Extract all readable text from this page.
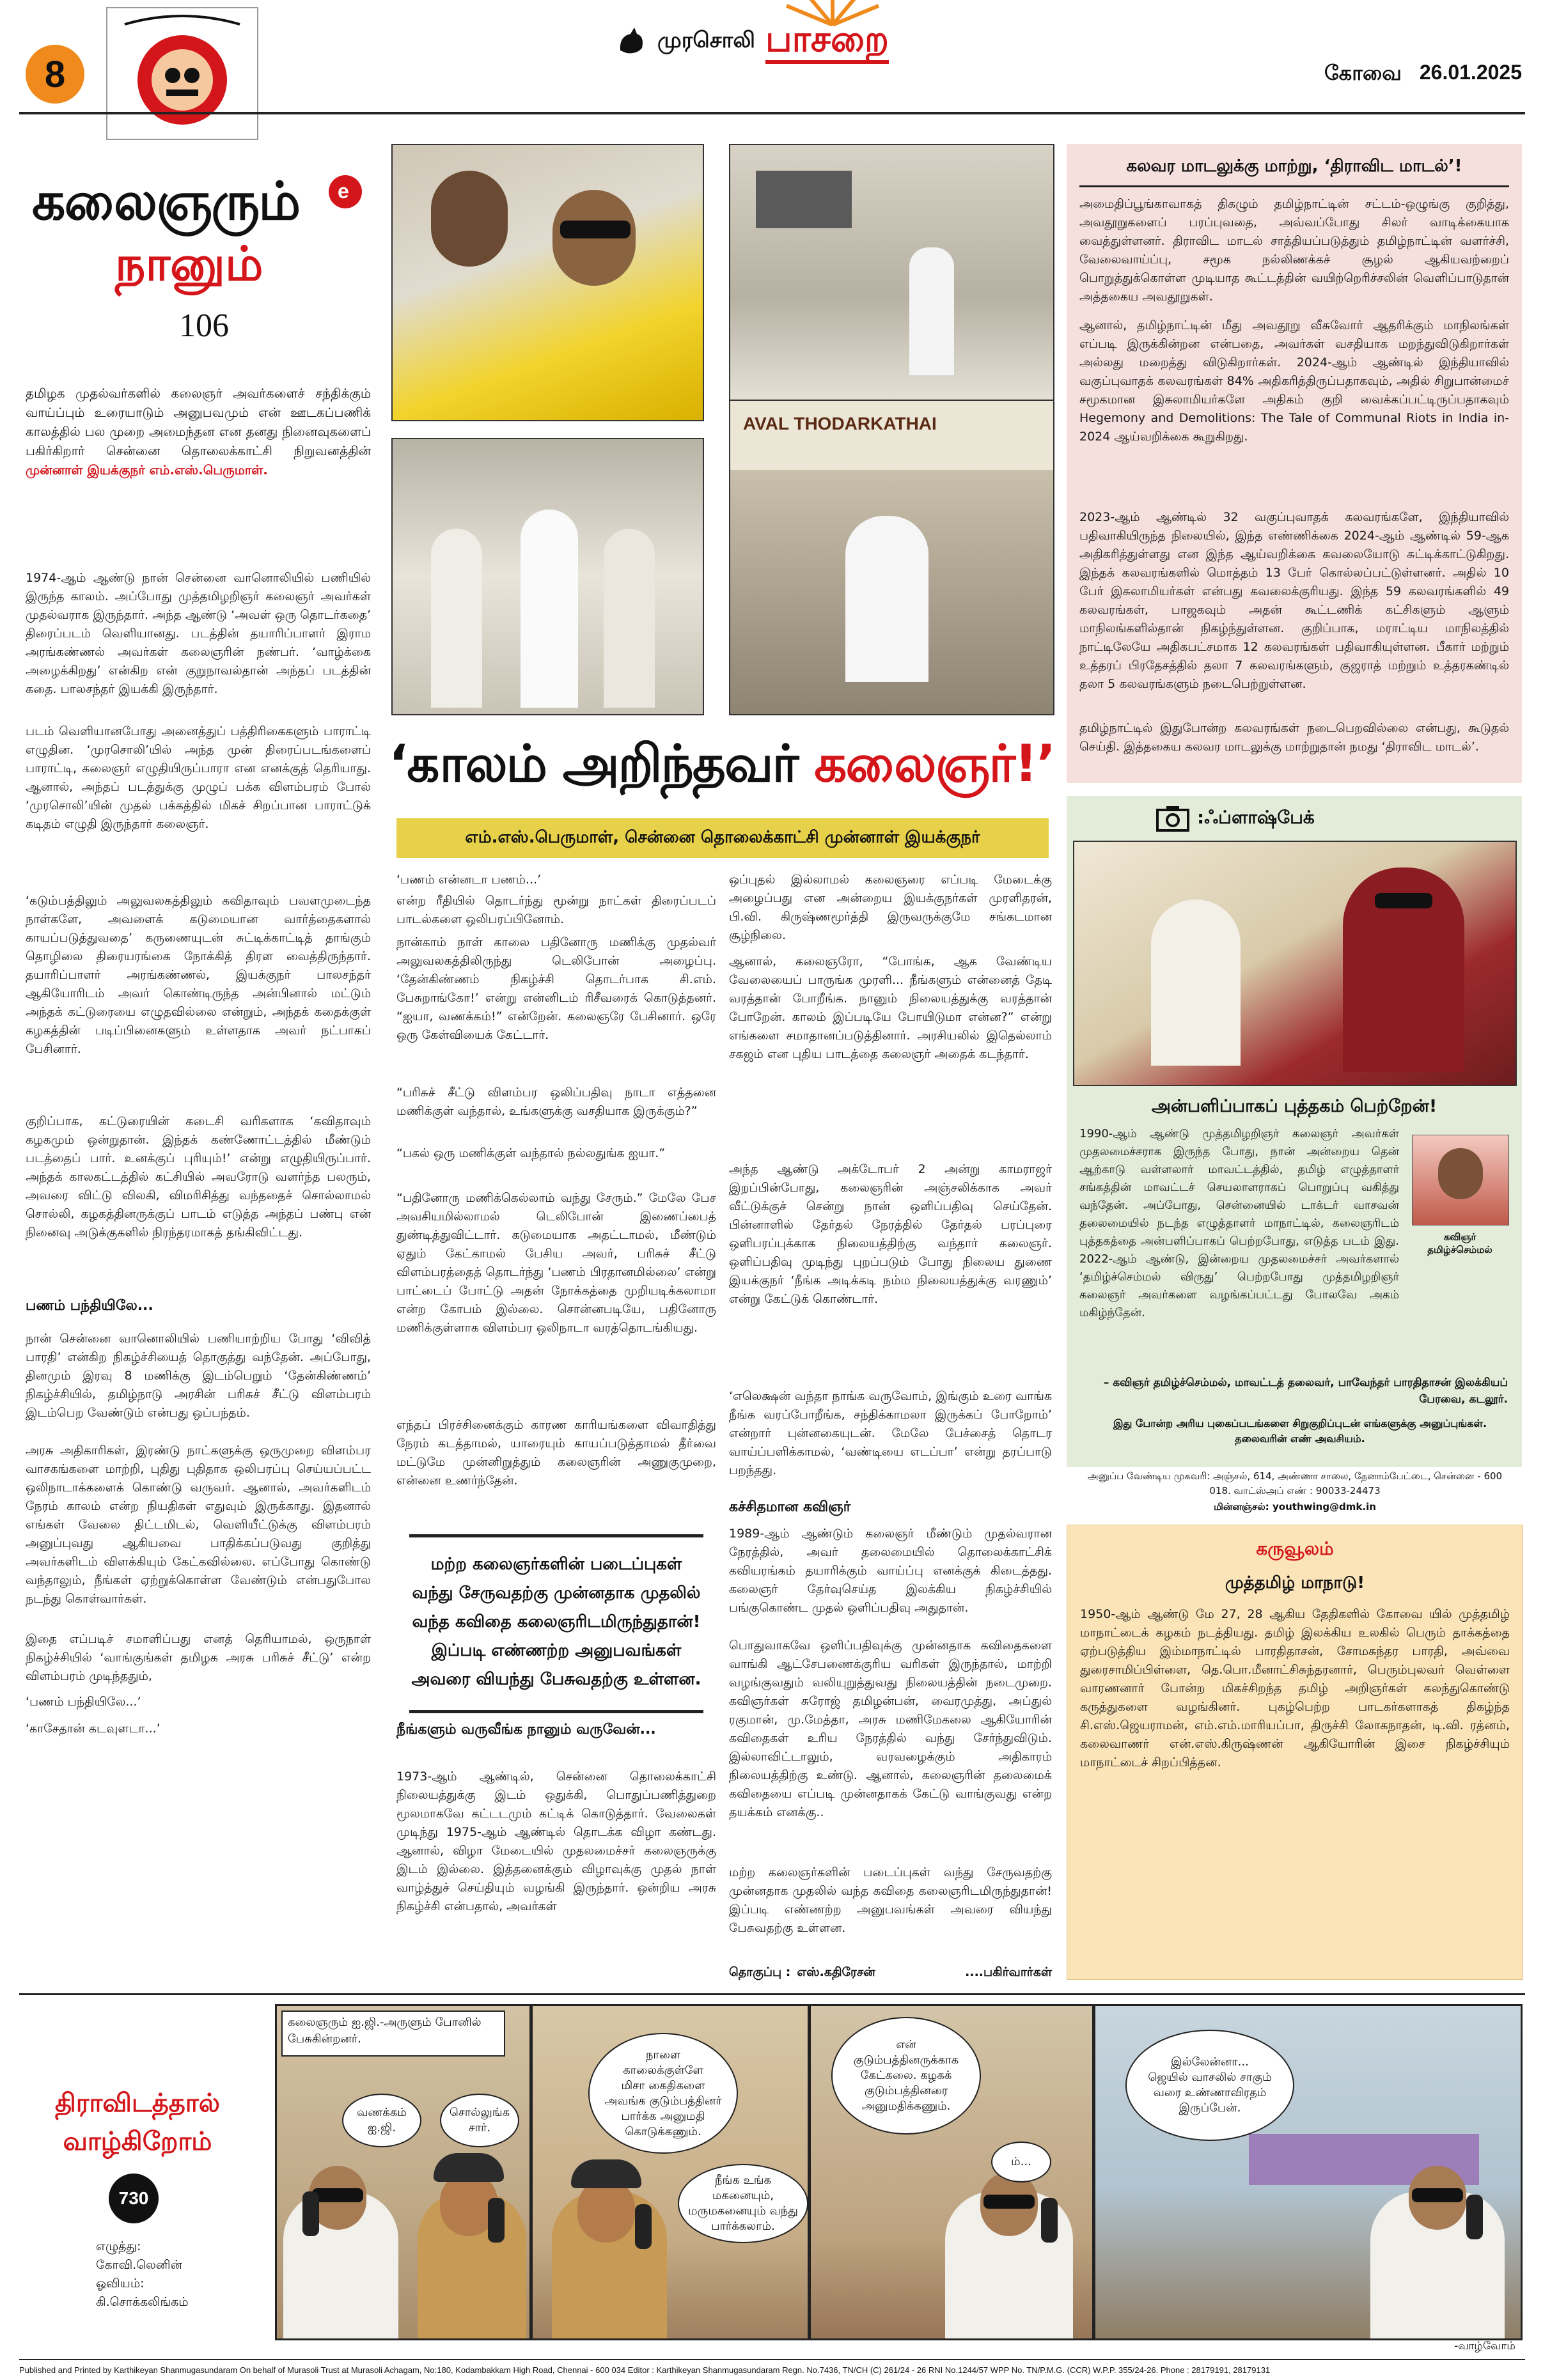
8
முரசொலி பாசறை
கோவை 26.01.2025
e
கலைஞரும்
நானும்
106
தமிழக முதல்வர்களில் கலைஞர் அவர்களைச் சந்திக்கும் வாய்ப்பும் உரையாடும் அனுபவமும் என் ஊடகப்பணிக் காலத்தில் பல முறை அமைந்தன என தனது நினைவுகளைப் பகிர்கிறார் சென்னை தொலைக்காட்சி நிறுவனத்தின் முன்னாள் இயக்குநர் எம்.எஸ்.பெருமாள்.
1974-ஆம் ஆண்டு நான் சென்னை வானொலியில் பணியில் இருந்த காலம். அப்போது முத்தமிழறிஞர் கலைஞர் அவர்கள் முதல்வராக இருந்தார். அந்த ஆண்டு ‘அவள் ஒரு தொடர்கதை’ திரைப்படம் வெளியானது. படத்தின் தயாரிப்பாளர் இராம அரங்கண்ணல் அவர்கள் கலைஞரின் நண்பர். ‘வாழ்க்கை அழைக்கிறது’ என்கிற என் குறுநாவல்தான் அந்தப் படத்தின் கதை. பாலசந்தர் இயக்கி இருந்தார்.
படம் வெளியானபோது அனைத்துப் பத்திரிகைகளும் பாராட்டி எழுதின. ‘முரசொலி’யில் அந்த முன் திரைப்படங்களைப் பாராட்டி, கலைஞர் எழுதியிருப்பாரா என எனக்குத் தெரியாது. ஆனால், அந்தப் படத்துக்கு முழுப் பக்க விளம்பரம் போல் ‘முரசொலி’யின் முதல் பக்கத்தில் மிகச் சிறப்பான பாராட்டுக் கடிதம் எழுதி இருந்தார் கலைஞர்.
‘கடும்பத்திலும் அலுவலகத்திலும் கவிதாவும் பவளமுடைந்த நாள்களே, அவளைக் கடுமையான வார்த்தைகளால் காயப்படுத்துவதை’ கருணையுடன் சுட்டிக்காட்டித் தாங்கும் தொழிலை திரையரங்கை நோக்கித் திரள வைத்திருந்தார். தயாரிப்பாளர் அரங்கண்ணல், இயக்குநர் பாலசந்தர் ஆகியோரிடம் அவர் கொண்டிருந்த அன்பினால் மட்டும் அந்தக் கட்டுரையை எழுதவில்லை என்றும், அந்தக் கதைக்குள் கழகத்தின் படிப்பினைகளும் உள்ளதாக அவர் நட்பாகப் பேசினார்.
குறிப்பாக, கட்டுரையின் கடைசி வரிகளாக ‘கவிதாவும் கழகமும் ஒன்றுதான். இந்தக் கண்ணோட்டத்தில் மீண்டும் படத்தைப் பார். உனக்குப் புரியும்!’ என்று எழுதியிருப்பார். அந்தக் காலகட்டத்தில் கட்சியில் அவரோடு வளர்ந்த பலரும், அவரை விட்டு விலகி, விமரிசித்து வந்ததைச் சொல்லாமல் சொல்லி, கழகத்தினருக்குப் பாடம் எடுத்த அந்தப் பண்பு என் நினைவு அடுக்குகளில் நிரந்தரமாகத் தங்கிவிட்டது.
பணம் பந்தியிலே...
நான் சென்னை வானொலியில் பணியாற்றிய போது ‘விவித் பாரதி’ என்கிற நிகழ்ச்சியைத் தொகுத்து வந்தேன். அப்போது, தினமும் இரவு 8 மணிக்கு இடம்பெறும் ‘தேன்கிண்ணம்’ நிகழ்ச்சியில், தமிழ்நாடு அரசின் பரிசுச் சீட்டு விளம்பரம் இடம்பெற வேண்டும் என்பது ஒப்பந்தம்.
அரசு அதிகாரிகள், இரண்டு நாட்களுக்கு ஒருமுறை விளம்பர வாசகங்களை மாற்றி, புதிது புதிதாக ஒலிபரப்பு செய்யப்பட்ட ஒலிநாடாக்களைக் கொண்டு வருவர். ஆனால், அவர்களிடம் நேரம் காலம் என்ற நியதிகள் எதுவும் இருக்காது. இதனால் எங்கள் வேலை திட்டமிடல், வெளியீட்டுக்கு விளம்பரம் அனுப்புவது ஆகியவை பாதிக்கப்படுவது குறித்து அவர்களிடம் விளக்கியும் கேட்கவில்லை. எப்போது கொண்டு வந்தாலும், நீங்கள் ஏற்றுக்கொள்ள வேண்டும் என்பதுபோல நடந்து கொள்வார்கள்.
இதை எப்படிச் சமாளிப்பது எனத் தெரியாமல், ஒருநாள் நிகழ்ச்சியில் ‘வாங்குங்கள் தமிழக அரசு பரிசுச் சீட்டு’ என்ற விளம்பரம் முடிந்ததும்,
‘பணம் பந்தியிலே...’
‘காசேதான் கடவுளடா...’
AVAL THODARKATHAI
‘காலம் அறிந்தவர் கலைஞர்!’
எம்.எஸ்.பெருமாள், சென்னை தொலைக்காட்சி முன்னாள் இயக்குநர்
‘பணம் என்னடா பணம்...’
என்ற ரீதியில் தொடர்ந்து மூன்று நாட்கள் திரைப்படப் பாடல்களை ஒலிபரப்பினோம்.
நான்காம் நாள் காலை பதினோரு மணிக்கு முதல்வர் அலுவலகத்திலிருந்து டெலிபோன் அழைப்பு. ‘தேன்கிண்ணம் நிகழ்ச்சி தொடர்பாக சி.எம். பேசுறாங்கோ!’ என்று என்னிடம் ரிசீவரைக் கொடுத்தனர். “ஐயா, வணக்கம்!” என்றேன். கலைஞரே பேசினார். ஒரே ஒரு கேள்வியைக் கேட்டார்.
“பரிசுச் சீட்டு விளம்பர ஒலிப்பதிவு நாடா எத்தனை மணிக்குள் வந்தால், உங்களுக்கு வசதியாக இருக்கும்?”
“பகல் ஒரு மணிக்குள் வந்தால் நல்லதுங்க ஐயா.”
“பதினோரு மணிக்கெல்லாம் வந்து சேரும்.” மேலே பேச அவசியமில்லாமல் டெலிபோன் இணைப்பைத் துண்டித்துவிட்டார். கடுமையாக அதட்டாமல், மீண்டும் ஏதும் கேட்காமல் பேசிய அவர், பரிசுச் சீட்டு விளம்பரத்தைத் தொடர்ந்து ‘பணம் பிரதானமில்லை’ என்று பாட்டைப் போட்டு அதன் நோக்கத்தை முறியடிக்கலாமா என்ற கோபம் இல்லை. சொன்னபடியே, பதினோரு மணிக்குள்ளாக விளம்பர ஒலிநாடா வரத்தொடங்கியது.
எந்தப் பிரச்சினைக்கும் காரண காரியங்களை விவாதித்து நேரம் கடத்தாமல், யாரையும் காயப்படுத்தாமல் தீர்வை மட்டுமே முன்னிறுத்தும் கலைஞரின் அணுகுமுறை, என்னை உணர்ந்தேன்.
மற்ற கலைஞர்களின் படைப்புகள் வந்து சேருவதற்கு முன்னதாக முதலில் வந்த கவிதை கலைஞரிடமிருந்துதான்! இப்படி எண்ணற்ற அனுபவங்கள் அவரை வியந்து பேசுவதற்கு உள்ளன.
நீங்களும் வருவீங்க நானும் வருவேன்...
1973-ஆம் ஆண்டில், சென்னை தொலைக்காட்சி நிலையத்துக்கு இடம் ஒதுக்கி, பொதுப்பணித்துறை மூலமாகவே கட்டடமும் கட்டிக் கொடுத்தார். வேலைகள் முடிந்து 1975-ஆம் ஆண்டில் தொடக்க விழா கண்டது. ஆனால், விழா மேடையில் முதலமைச்சர் கலைஞருக்கு இடம் இல்லை. இத்தனைக்கும் விழாவுக்கு முதல் நாள் வாழ்த்துச் செய்தியும் வழங்கி இருந்தார். ஒன்றிய அரசு நிகழ்ச்சி என்பதால், அவர்கள்
ஒப்புதல் இல்லாமல் கலைஞரை எப்படி மேடைக்கு அழைப்பது என அன்றைய இயக்குநர்கள் முரளிதரன், பி.வி. கிருஷ்ணமூர்த்தி இருவருக்குமே சங்கடமான சூழ்நிலை.
ஆனால், கலைஞரோ, “போங்க, ஆக வேண்டிய வேலையைப் பாருங்க முரளி... நீங்களும் என்னைத் தேடி வரத்தான் போறீங்க. நானும் நிலையத்துக்கு வரத்தான் போறேன். காலம் இப்படியே போயிடுமா என்ன?” என்று எங்களை சமாதானப்படுத்தினார். அரசியலில் இதெல்லாம் சகஜம் என புதிய பாடத்தை கலைஞர் அதைக் கடந்தார்.
அந்த ஆண்டு அக்டோபர் 2 அன்று காமராஜர் இறப்பின்போது, கலைஞரின் அஞ்சலிக்காக அவர் வீட்டுக்குச் சென்று நான் ஒளிப்பதிவு செய்தேன். பின்னாளில் தேர்தல் நேரத்தில் தேர்தல் பரப்புரை ஒளிபரப்புக்காக நிலையத்திற்கு வந்தார் கலைஞர். ஒளிப்பதிவு முடிந்து புறப்படும் போது நிலைய துணை இயக்குநர் ‘நீங்க அடிக்கடி நம்ம நிலையத்துக்கு வரணும்’ என்று கேட்டுக் கொண்டார்.
‘எலெக்ஷன் வந்தா நாங்க வருவோம், இங்கும் உரை வாங்க நீங்க வரப்போறீங்க, சந்திக்காமலா இருக்கப் போறோம்’ என்றார் புன்னகையுடன். மேலே பேச்சைத் தொடர வாய்ப்பளிக்காமல், ‘வண்டியை எடப்பா’ என்று தரப்பாடு பறந்தது.
கச்சிதமான கவிஞர்
1989-ஆம் ஆண்டும் கலைஞர் மீண்டும் முதல்வரான நேரத்தில், அவர் தலைமையில் தொலைக்காட்சிக் கவியரங்கம் தயாரிக்கும் வாய்ப்பு எனக்குக் கிடைத்தது. கலைஞர் தேர்வுசெய்த இலக்கிய நிகழ்ச்சியில் பங்குகொண்ட முதல் ஒளிப்பதிவு அதுதான்.
பொதுவாகவே ஒளிப்பதிவுக்கு முன்னதாக கவிதைகளை வாங்கி ஆட்சேபணைக்குரிய வரிகள் இருந்தால், மாற்றி வழங்குவதும் வலியுறுத்துவது நிலையத்தின் நடைமுறை. கவிஞர்கள் சுரோஜ் தமிழன்பன், வைரமுத்து, அப்துல் ரகுமான், மு.மேத்தா, அரசு மணிமேகலை ஆகியோரின் கவிதைகள் உரிய நேரத்தில் வந்து சேர்ந்துவிடும். இல்லாவிட்டாலும், வரவழைக்கும் அதிகாரம் நிலையத்திற்கு உண்டு. ஆனால், கலைஞரின் தலைமைக் கவிதையை எப்படி முன்னதாகக் கேட்டு வாங்குவது என்ற தயக்கம் எனக்கு..
மற்ற கலைஞர்களின் படைப்புகள் வந்து சேருவதற்கு முன்னதாக முதலில் வந்த கவிதை கலைஞரிடமிருந்துதான்! இப்படி எண்ணற்ற அனுபவங்கள் அவரை வியந்து பேசுவதற்கு உள்ளன.
தொகுப்பு : எஸ்.கதிரேசன்	....பகிர்வார்கள்
கலவர மாடலுக்கு மாற்று, ‘திராவிட மாடல்’!
அமைதிப்பூங்காவாகத் திகழும் தமிழ்நாட்டின் சட்டம்-ஒழுங்கு குறித்து, அவதூறுகளைப் பரப்புவதை, அவ்வப்போது சிலர் வாடிக்கையாக வைத்துள்ளனர். திராவிட மாடல் சாத்தியப்படுத்தும் தமிழ்நாட்டின் வளர்ச்சி, வேலைவாய்ப்பு, சமூக நல்லிணக்கச் சூழல் ஆகியவற்றைப் பொறுத்துக்கொள்ள முடியாத கூட்டத்தின் வயிற்றெரிச்சலின் வெளிப்பாடுதான் அத்தகைய அவதூறுகள்.
ஆனால், தமிழ்நாட்டின் மீது அவதூறு வீசுவோர் ஆதரிக்கும் மாநிலங்கள் எப்படி இருக்கின்றன என்பதை, அவர்கள் வசதியாக மறந்துவிடுகிறார்கள் அல்லது மறைத்து விடுகிறார்கள். 2024-ஆம் ஆண்டில் இந்தியாவில் வகுப்புவாதக் கலவரங்கள் 84% அதிகரித்திருப்பதாகவும், அதில் சிறுபான்மைச் சமூகமான இசுலாமியர்களே அதிகம் குறி வைக்கப்பட்டிருப்பதாகவும் Hegemony and Demolitions: The Tale of Communal Riots in India in-2024 ஆய்வறிக்கை கூறுகிறது.
2023-ஆம் ஆண்டில் 32 வகுப்புவாதக் கலவரங்களே, இந்தியாவில் பதிவாகியிருந்த நிலையில், இந்த எண்ணிக்கை 2024-ஆம் ஆண்டில் 59-ஆக அதிகரித்துள்ளது என இந்த ஆய்வறிக்கை கவலையோடு சுட்டிக்காட்டுகிறது. இந்தக் கலவரங்களில் மொத்தம் 13 பேர் கொல்லப்பட்டுள்ளனர். அதில் 10 பேர் இசுலாமியர்கள் என்பது கவலைக்குரியது. இந்த 59 கலவரங்களில் 49 கலவரங்கள், பாஜகவும் அதன் கூட்டணிக் கட்சிகளும் ஆளும் மாநிலங்களில்தான் நிகழ்ந்துள்ளன. குறிப்பாக, மராட்டிய மாநிலத்தில் நாட்டிலேயே அதிகபட்சமாக 12 கலவரங்கள் பதிவாகியுள்ளன. பீகார் மற்றும் உத்தரப் பிரதேசத்தில் தலா 7 கலவரங்களும், குஜராத் மற்றும் உத்தரகண்டில் தலா 5 கலவரங்களும் நடைபெற்றுள்ளன.
தமிழ்நாட்டில் இதுபோன்ற கலவரங்கள் நடைபெறவில்லை என்பது, கூடுதல் செய்தி. இத்தகைய கலவர மாடலுக்கு மாற்றுதான் நமது ‘திராவிட மாடல்’.
:ஃப்ளாஷ்பேக்
அன்பளிப்பாகப் புத்தகம் பெற்றேன்!
1990-ஆம் ஆண்டு முத்தமிழறிஞர் கலைஞர் அவர்கள் முதலமைச்சராக இருந்த போது, நான் அன்றைய தென் ஆற்காடு வள்ளலார் மாவட்டத்தில், தமிழ் எழுத்தாளர் சங்கத்தின் மாவட்டச் செயலாளராகப் பொறுப்பு வகித்து வந்தேன். அப்போது, சென்னையில் டாக்டர் வாசவன் தலைமையில் நடந்த எழுத்தாளர் மாநாட்டில், கலைஞரிடம் புத்தகத்தை அன்பளிப்பாகப் பெற்றபோது, எடுத்த படம் இது. 2022-ஆம் ஆண்டு, இன்றைய முதலமைச்சர் அவர்களால் ‘தமிழ்ச்செம்மல் விருது’ பெற்றபோது முத்தமிழறிஞர் கலைஞர் அவர்களை வழங்கப்பட்டது போலவே அகம் மகிழ்ந்தேன்.
கவிஞர் தமிழ்ச்செம்மல்
– கவிஞர் தமிழ்ச்செம்மல், மாவட்டத் தலைவர், பாவேந்தர் பாரதிதாசன் இலக்கியப் பேரவை, கடலூர்.
இது போன்ற அரிய புகைப்படங்களை சிறுகுறிப்புடன் எங்களுக்கு அனுப்புங்கள். தலைவரின் எண் அவசியம்.
அனுப்ப வேண்டிய முகவரி: அஞ்சல், 614, அண்ணா சாலை, தேனாம்பேட்டை, சென்னை - 600 018. வாட்ஸ்அப் எண் : 90033-24473
மின்னஞ்சல்: youthwing@dmk.in
கருவூலம்
முத்தமிழ் மாநாடு!
1950-ஆம் ஆண்டு மே 27, 28 ஆகிய தேதிகளில் கோவை யில் முத்தமிழ் மாநாட்டைக் கழகம் நடத்தியது. தமிழ் இலக்கிய உலகில் பெரும் தாக்கத்தை ஏற்படுத்திய இம்மாநாட்டில் பாரதிதாசன், சோமசுந்தர பாரதி, அவ்வை துரைசாமிப்பிள்ளை, தெ.பொ.மீனாட்சிசுந்தரனார், பெரும்புலவர் வெள்ளை வாரணனார் போன்ற மிகச்சிறந்த தமிழ் அறிஞர்கள் கலந்துகொண்டு கருத்துகளை வழங்கினர். புகழ்பெற்ற பாடகர்களாகத் திகழ்ந்த சி.எஸ்.ஜெயராமன், எம்.எம்.மாரியப்பா, திருச்சி லோகநாதன், டி.வி. ரத்னம், கலைவாணர் என்.எஸ்.கிருஷ்ணன் ஆகியோரின் இசை நிகழ்ச்சியும் மாநாட்டைச் சிறப்பித்தன.
திராவிடத்தால் வாழ்கிறோம்
730
எழுத்து:
கோவி.லெனின்
ஓவியம்:
கி.சொக்கலிங்கம்
கலைஞரும் ஐ.ஜி.-அருளும் போனில் பேசுகின்றனர்.
வணக்கம்
ஐ.ஜி.
சொல்லுங்க
சார்.
நாளை
காலைக்குள்ளே
மிசா கைதிகளை
அவங்க குடும்பத்தினர்
பார்க்க அனுமதி
கொடுக்கணும்.
நீங்க உங்க
மகனையும்,
மருமகனையும் வந்து
பார்க்கலாம்.
என்
குடும்பத்தினருக்காக
கேட்கலை. கழகக்
குடும்பத்தினரை
அனுமதிக்கணும்.
ம்...
இல்லேன்னா...
ஜெயில் வாசலில் சாகும்
வரை உண்ணாவிரதம்
இருப்பேன்.
-வாழ்வோம்
Published and Printed by Karthikeyan Shanmugasundaram On behalf of Murasoli Trust at Murasoli Achagam, No:180, Kodambakkam High Road, Chennai - 600 034 Editor : Karthikeyan Shanmugasundaram Regn. No.7436, TN/CH (C) 261/24 - 26 RNI No.1244/57 WPP No. TN/P.M.G. (CCR) W.P.P. 355/24-26. Phone : 28179191, 28179131
